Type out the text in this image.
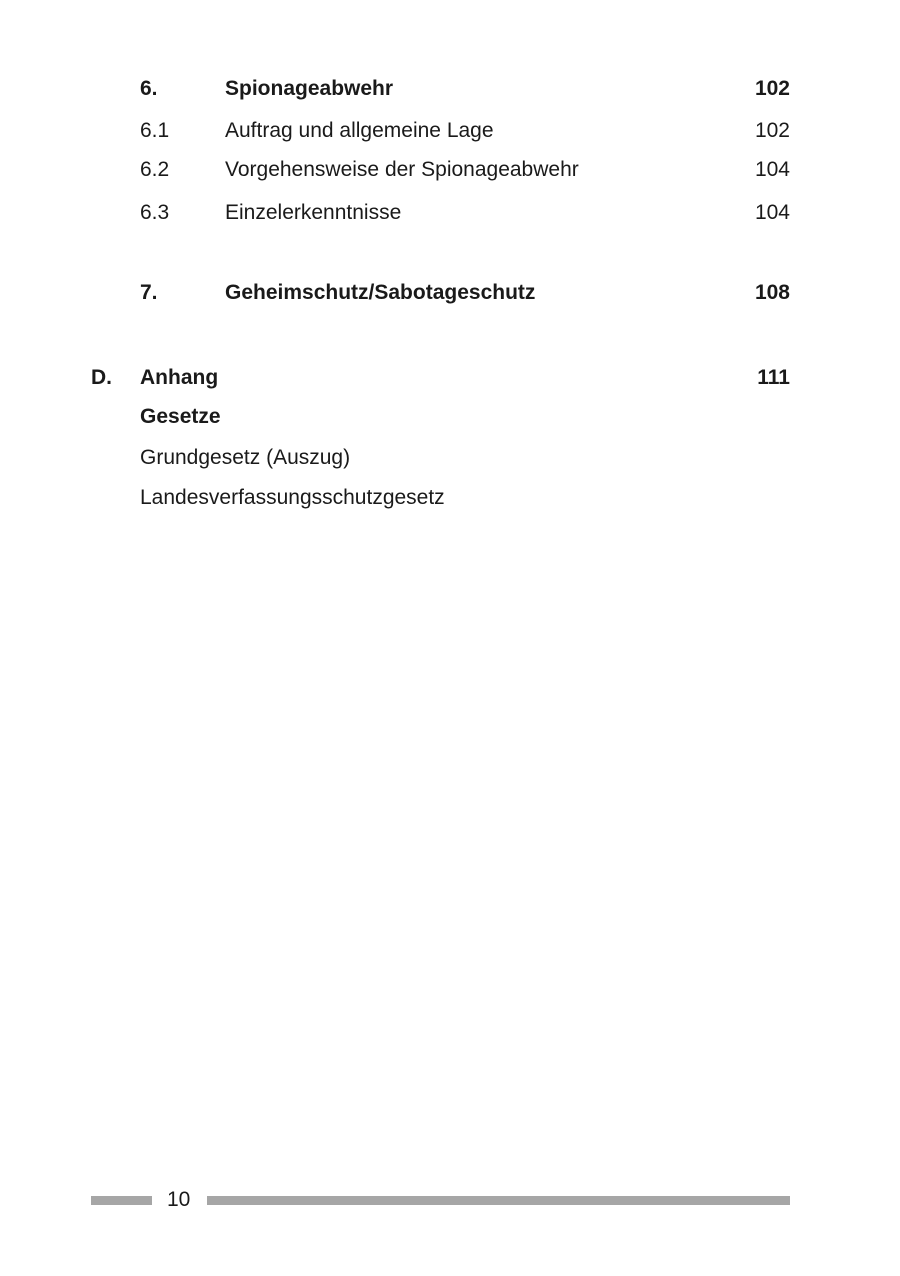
6.	Spionageabwehr	102
6.1	Auftrag und allgemeine Lage	102
6.2	Vorgehensweise der Spionageabwehr	104
6.3	Einzelerkenntnisse	104
7.	Geheimschutz/Sabotageschutz	108
D. Anhang	111
Gesetze
Grundgesetz (Auszug)
Landesverfassungsschutzgesetz
10
